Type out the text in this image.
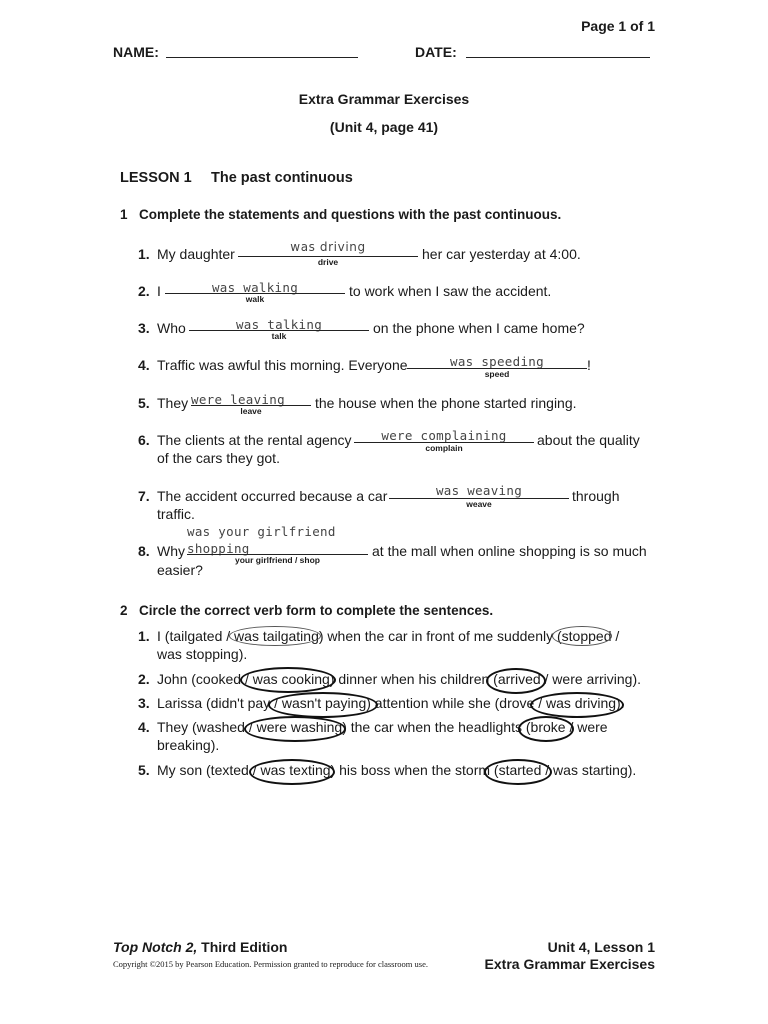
Page 1 of 1
NAME:	DATE:
Extra Grammar Exercises
(Unit 4, page 41)
LESSON 1 The past continuous
1 Complete the statements and questions with the past continuous.
1. My daughter	was driving
drive	her car yesterday at 4:00.
2. I	was walking
walk	to work when I saw the accident.
3. Who	was talking
talk	on the phone when I came home?
4. Traffic was awful this morning. Everyone	was speeding
speed
!
5. They were leaving
leave	the house when the phone started ringing.
6. The clients at the rental agency	were complaining
complain	about the quality
of the cars they got.
7. The accident occurred because a car	was weaving
weave	through
traffic.
was your girlfriend
8. Why shopping
your girlfriend / shop
at the mall when online shopping is so much
easier?
2 Circle the correct verb form to complete the sentences.
1. I (tailgated / was tailgating) when the car in front of me suddenly (stopped /
was stopping).
2. John (cooked / was cooking) dinner when his children (arrived / were arriving).
3. Larissa (didn't pay / wasn't paying) attention while she (drove / was driving).
4. They (washed / were washing) the car when the headlights (broke / were
breaking).
5. My son (texted / was texting) his boss when the storm (started / was starting).
Top Notch 2, Third Edition
Copyright ©2015 by Pearson Education. Permission granted to reproduce for classroom use.
Unit 4, Lesson 1
Extra Grammar Exercises
